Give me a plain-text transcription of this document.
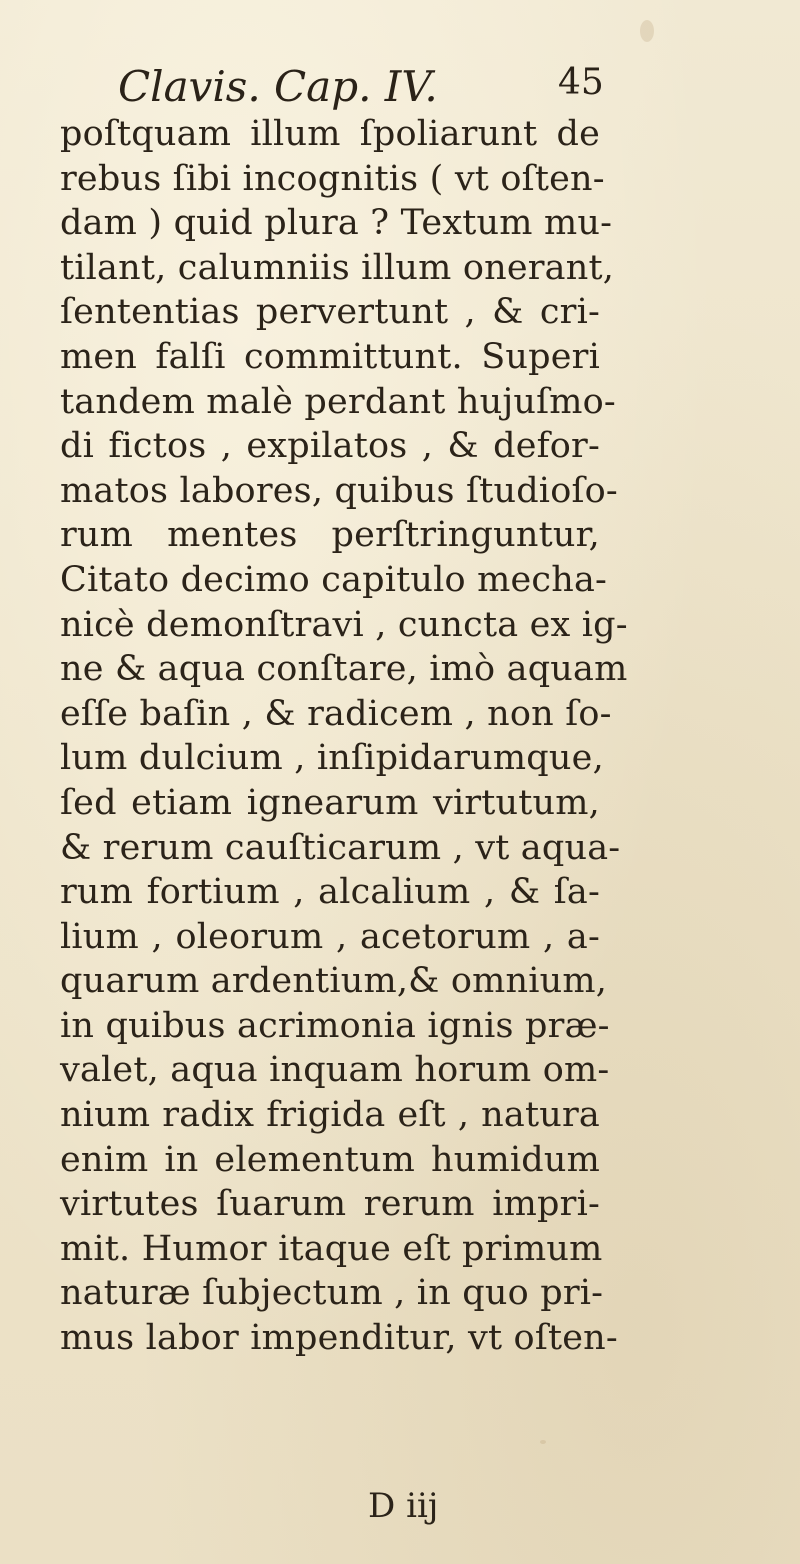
Clavis. Cap. IV.	45
poſtquam illum ſpoliarunt de
rebus ſibi incognitis ( vt oſten-
dam ) quid plura ? Textum mu-
tilant, calumniis illum onerant,
ſententias pervertunt , & cri-
men falſi committunt. Superi
tandem malè perdant hujuſmo-
di fictos , expilatos , & defor-
matos labores, quibus ſtudioſo-
rum mentes perſtringuntur,
Citato decimo capitulo mecha-
nicè demonſtravi , cuncta ex ig-
ne & aqua conſtare, imò aquam
eſſe baſin , & radicem , non ſo-
lum dulcium , inſipidarumque,
ſed etiam ignearum virtutum,
& rerum cauſticarum , vt aqua-
rum fortium , alcalium , & ſa-
lium , oleorum , acetorum , a-
quarum ardentium,& omnium,
in quibus acrimonia ignis præ-
valet, aqua inquam horum om-
nium radix frigida eſt , natura
enim in elementum humidum
virtutes ſuarum rerum impri-
mit. Humor itaque eſt primum
naturæ ſubjectum , in quo pri-
mus labor impenditur, vt oſten-
D iij
